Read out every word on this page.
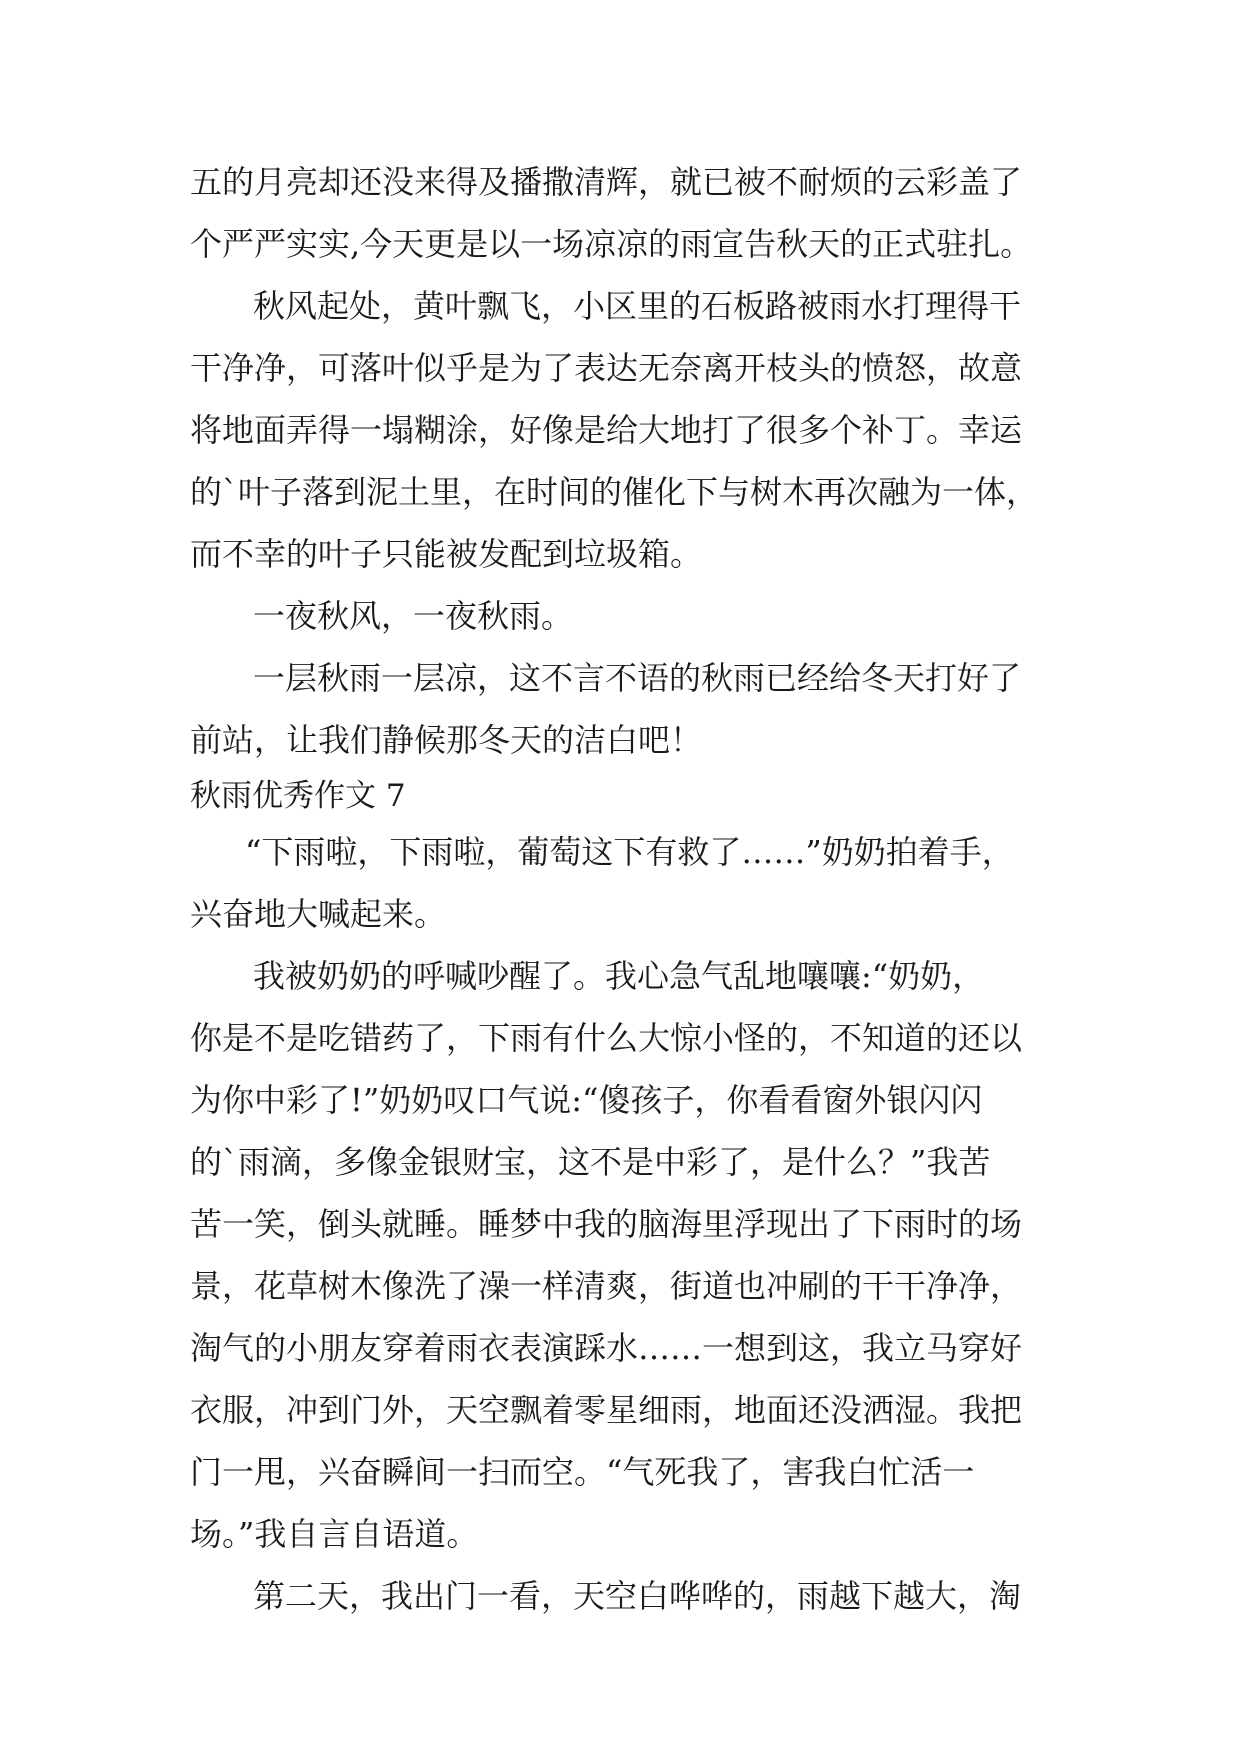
五的月亮却还没来得及播撒清辉，就已被不耐烦的云彩盖了
个严严实实,今天更是以一场凉凉的雨宣告秋天的正式驻扎。
秋风起处，黄叶飘飞，小区里的石板路被雨水打理得干
干净净，可落叶似乎是为了表达无奈离开枝头的愤怒，故意
将地面弄得一塌糊涂，好像是给大地打了很多个补丁。幸运
的`叶子落到泥土里，在时间的催化下与树木再次融为一体，
而不幸的叶子只能被发配到垃圾箱。
一夜秋风，一夜秋雨。
一层秋雨一层凉，这不言不语的秋雨已经给冬天打好了
前站，让我们静候那冬天的洁白吧！
秋雨优秀作文 7
“下雨啦，下雨啦，葡萄这下有救了……”奶奶拍着手，
兴奋地大喊起来。
我被奶奶的呼喊吵醒了。我心急气乱地嚷嚷:“奶奶，
你是不是吃错药了，下雨有什么大惊小怪的，不知道的还以
为你中彩了!”奶奶叹口气说:“傻孩子，你看看窗外银闪闪
的`雨滴，多像金银财宝，这不是中彩了，是什么？”我苦
苦一笑，倒头就睡。睡梦中我的脑海里浮现出了下雨时的场
景，花草树木像洗了澡一样清爽，街道也冲刷的干干净净，
淘气的小朋友穿着雨衣表演踩水……一想到这，我立马穿好
衣服，冲到门外，天空飘着零星细雨，地面还没洒湿。我把
门一甩，兴奋瞬间一扫而空。“气死我了，害我白忙活一
场。”我自言自语道。
第二天，我出门一看，天空白哗哗的，雨越下越大，淘
